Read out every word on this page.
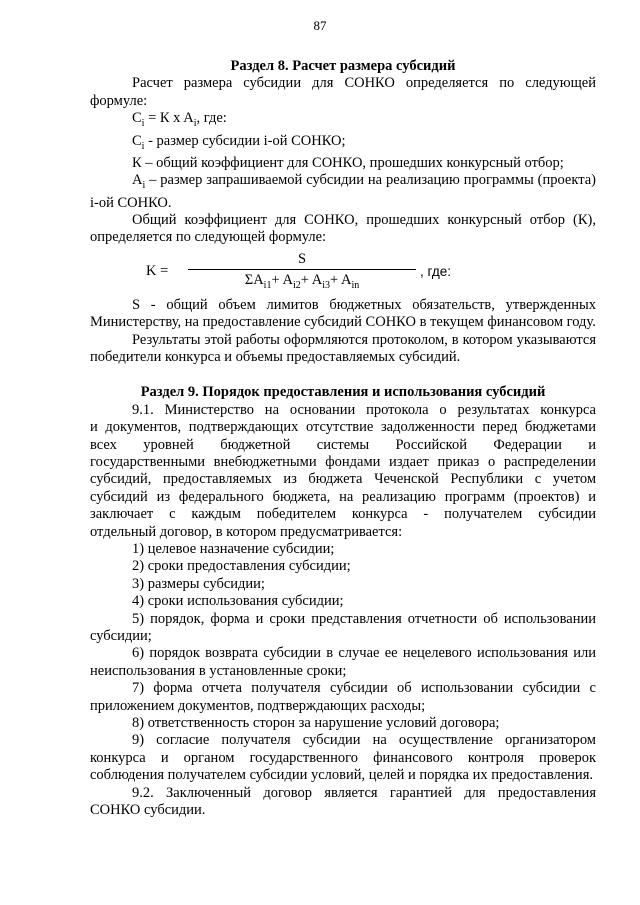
87

Раздел 8. Расчет размера субсидий

Расчет размера субсидии для СОНКО определяется по следующей формуле:

$C_i = К$ x $A_i$, где:

$C_i$ - размер субсидии i-ой СОНКО;

К – общий коэффициент для СОНКО, прошедших конкурсный отбор;

$A_i$ – размер запрашиваемой субсидии на реализацию программы (проекта) i-ой СОНКО.

Общий коэффициент для СОНКО, прошедших конкурсный отбор (К), определяется по следующей формуле:

K =
S
$\Sigma A_{i1}+ A_{i2}+ A_{i3}+ A_{in}$
, где:

S - общий объем лимитов бюджетных обязательств, утвержденных Министерству, на предоставление субсидий СОНКО в текущем финансовом году.

Результаты этой работы оформляются протоколом, в котором указываются победители конкурса и объемы предоставляемых субсидий.

Раздел 9. Порядок предоставления и использования субсидий

9.1. Министерство на основании протокола о результатах конкурса

и документов, подтверждающих отсутствие задолженности перед бюджетами

всех уровней бюджетной системы Российской Федерации и

государственными внебюджетными фондами издает приказ о распределении

субсидий, предоставляемых из бюджета Чеченской Республики с учетом

субсидий из федерального бюджета, на реализацию программ (проектов) и

заключает с каждым победителем конкурса - получателем субсидии

отдельный договор, в котором предусматривается:

1) целевое назначение субсидии;

2) сроки предоставления субсидии;

3) размеры субсидии;

4) сроки использования субсидии;

5) порядок, форма и сроки представления отчетности об использовании субсидии;

6) порядок возврата субсидии в случае ее нецелевого использования или неиспользования в установленные сроки;

7) форма отчета получателя субсидии об использовании субсидии с приложением документов, подтверждающих расходы;

8) ответственность сторон за нарушение условий договора;

9) согласие получателя субсидии на осуществление организатором конкурса и органом государственного финансового контроля проверок соблюдения получателем субсидии условий, целей и порядка их предоставления.

9.2. Заключенный договор является гарантией для предоставления СОНКО субсидии.
